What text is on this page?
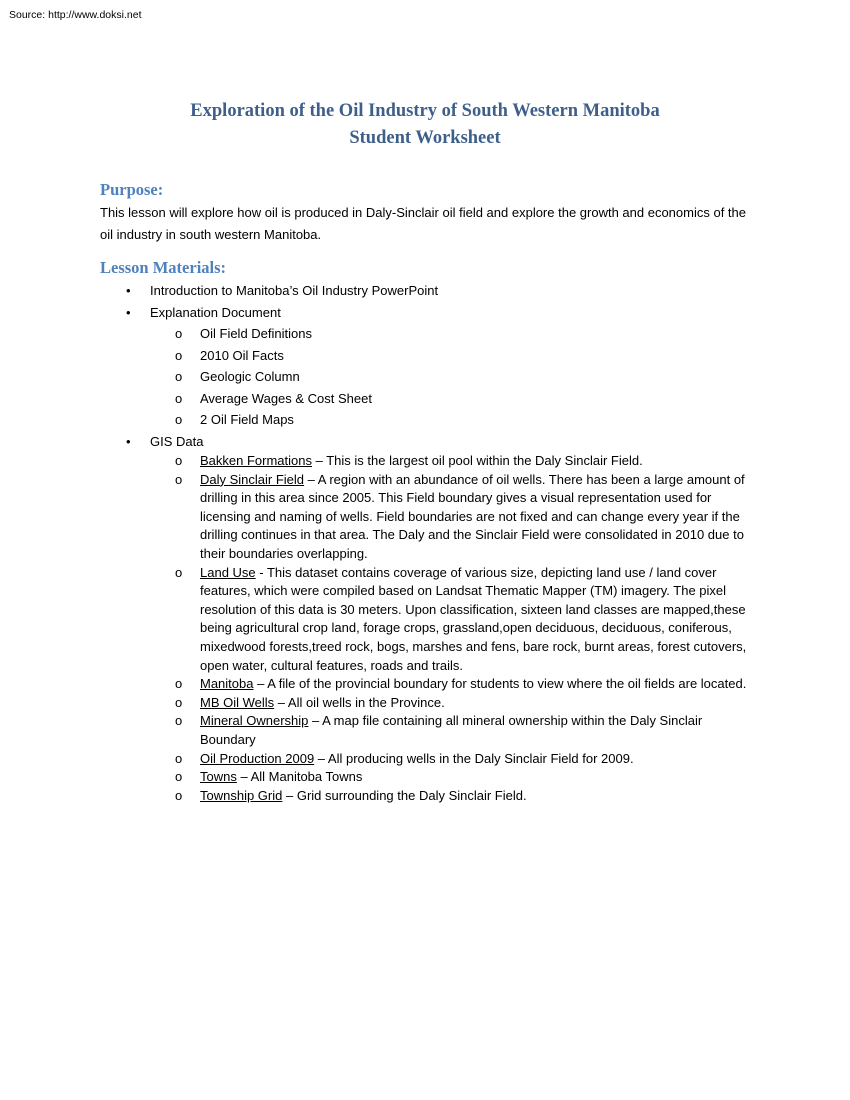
Source: http://www.doksi.net
Exploration of the Oil Industry of South Western Manitoba
Student Worksheet
Purpose:

This lesson will explore how oil is produced in Daly-Sinclair oil field and explore the growth and economics of the oil industry in south western Manitoba.

Lesson Materials:
• Introduction to Manitoba’s Oil Industry PowerPoint
• Explanation Document
o Oil Field Definitions
o 2010 Oil Facts
o Geologic Column
o Average Wages & Cost Sheet
o 2 Oil Field Maps
• GIS Data
o Bakken Formations – This is the largest oil pool within the Daly Sinclair Field.
o Daly Sinclair Field – A region with an abundance of oil wells. There has been a large amount of drilling in this area since 2005. This Field boundary gives a visual representation used for licensing and naming of wells. Field boundaries are not fixed and can change every year if the drilling continues in that area. The Daly and the Sinclair Field were consolidated in 2010 due to their boundaries overlapping.
o Land Use - This dataset contains coverage of various size, depicting land use / land cover features, which were compiled based on Landsat Thematic Mapper (TM) imagery. The pixel resolution of this data is 30 meters. Upon classification, sixteen land classes are mapped,these being agricultural crop land, forage crops, grassland,open deciduous, deciduous, coniferous, mixedwood forests,treed rock, bogs, marshes and fens, bare rock, burnt areas, forest cutovers, open water, cultural features, roads and trails.
o Manitoba – A file of the provincial boundary for students to view where the oil fields are located.
o MB Oil Wells – All oil wells in the Province.
o Mineral Ownership – A map file containing all mineral ownership within the Daly Sinclair Boundary
o Oil Production 2009 – All producing wells in the Daly Sinclair Field for 2009.
o Towns – All Manitoba Towns
o Township Grid – Grid surrounding the Daly Sinclair Field.
